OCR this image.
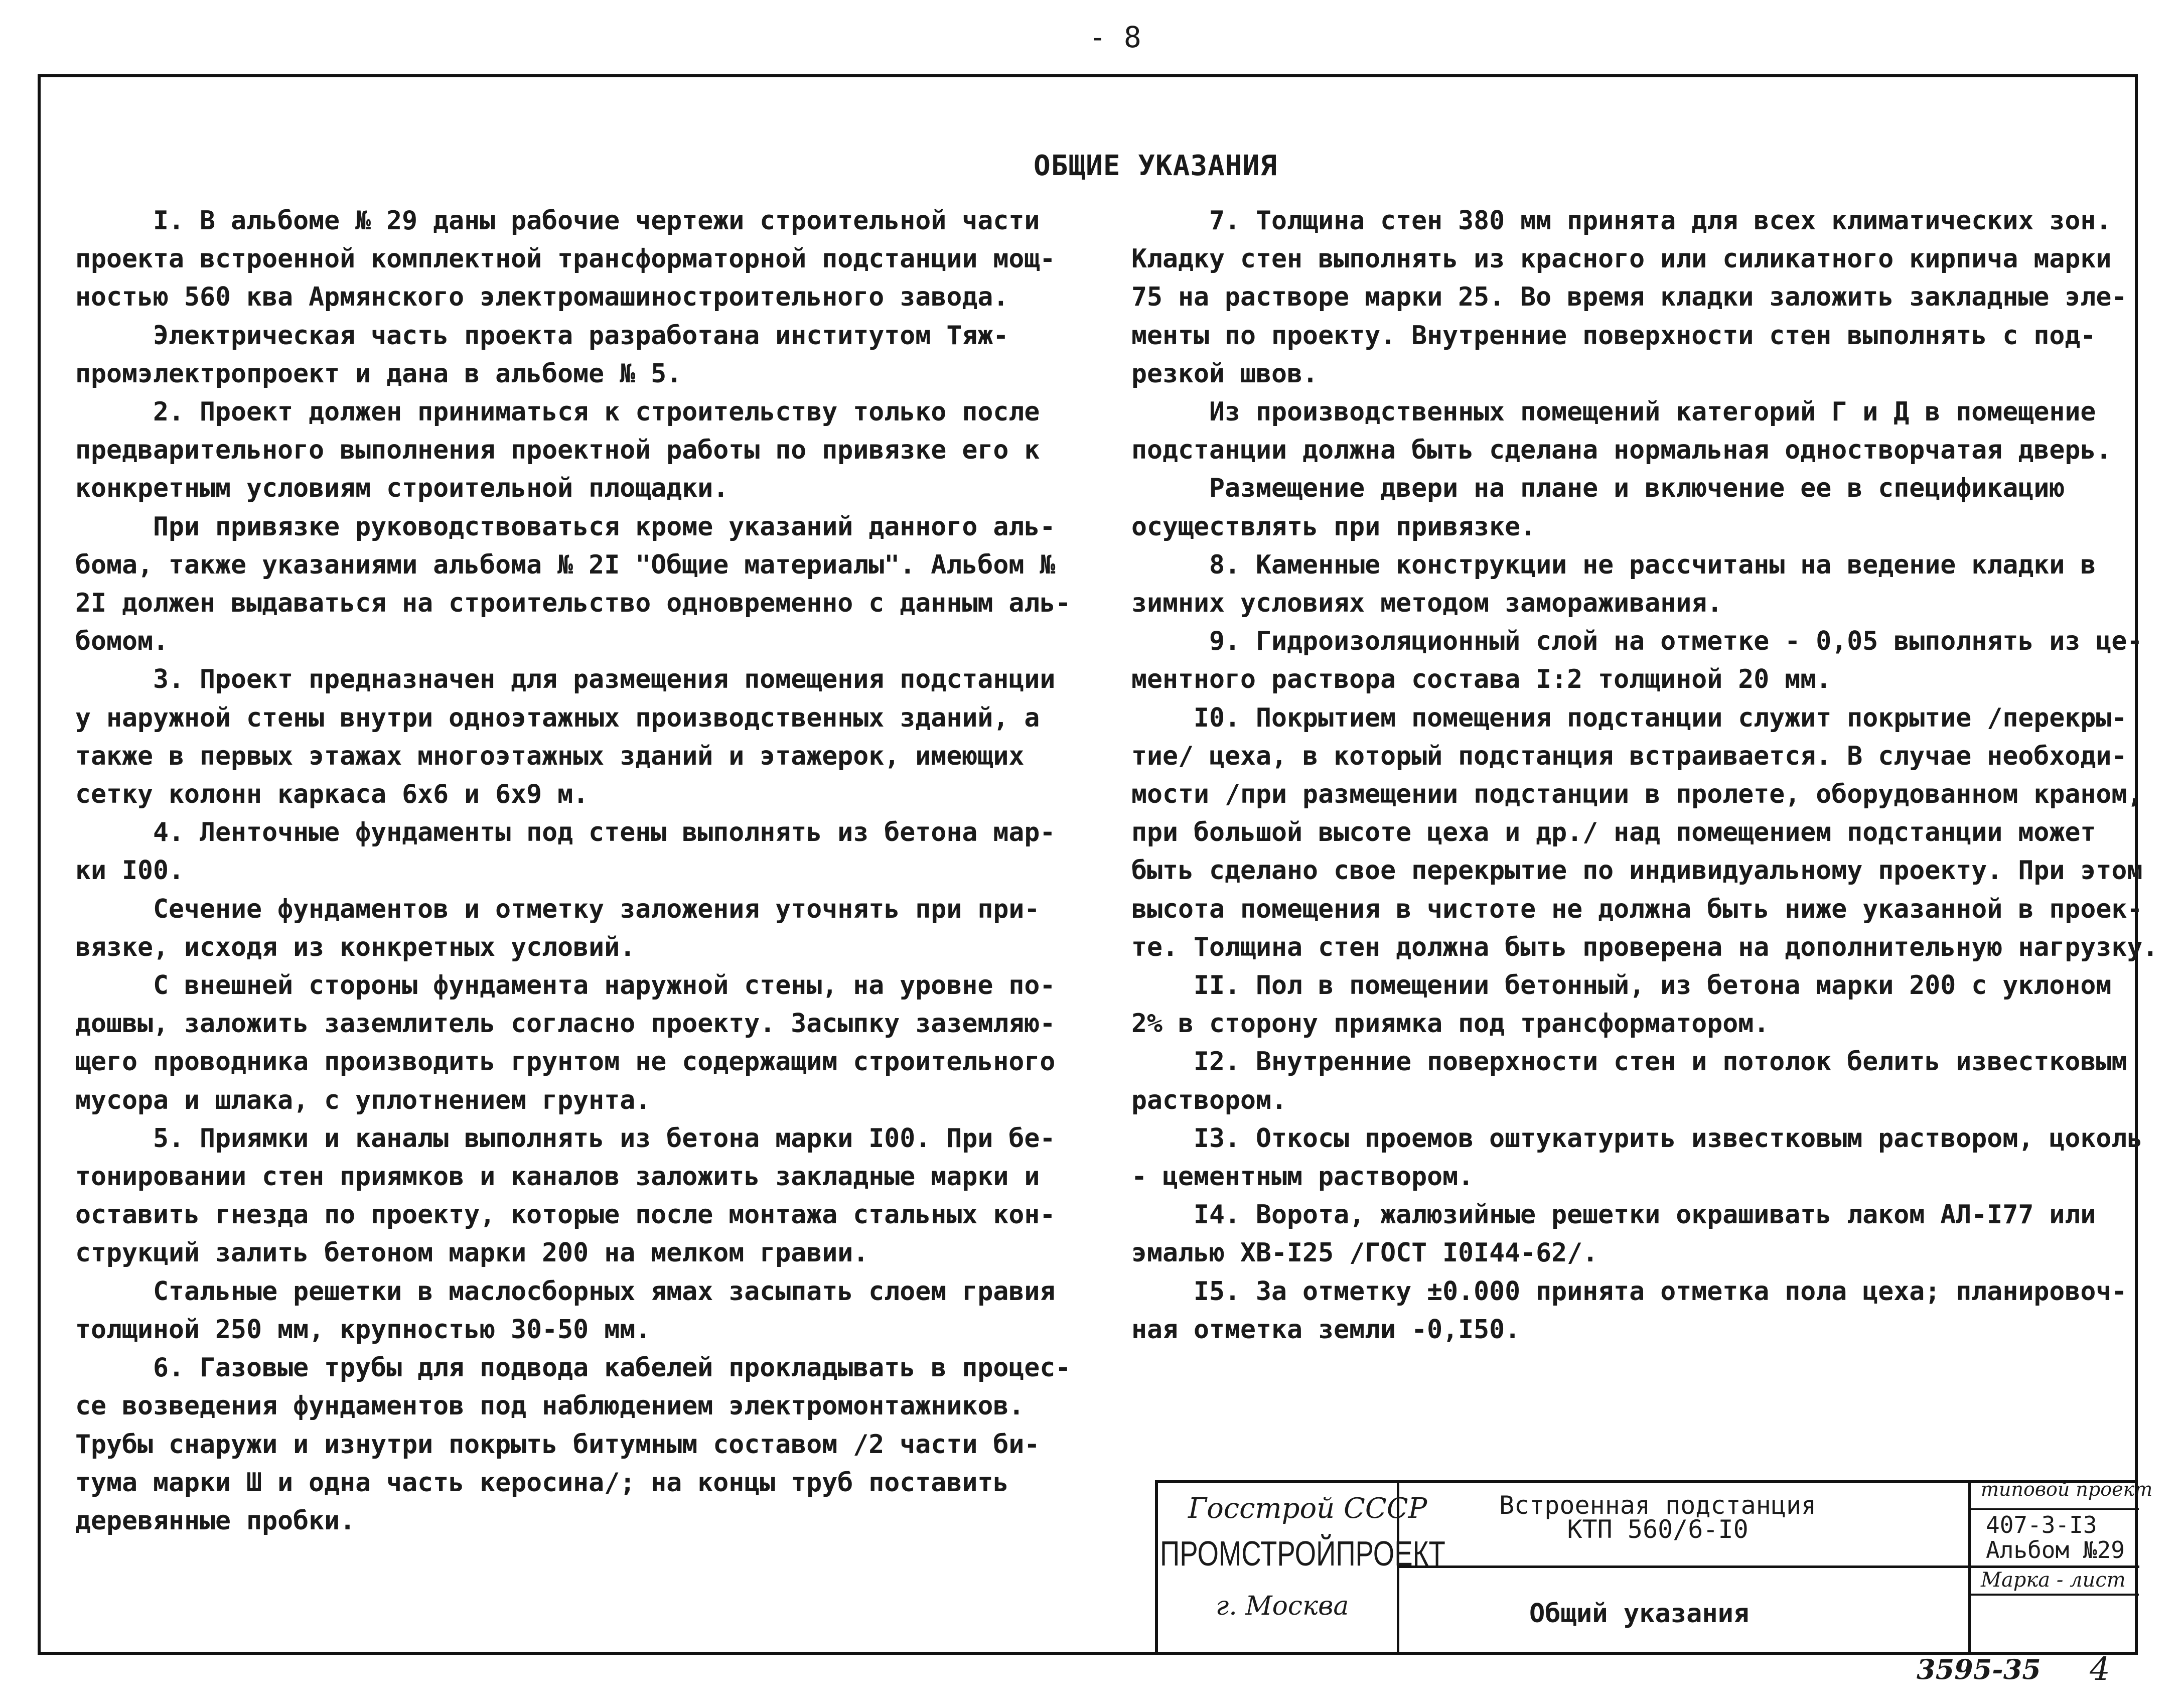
- 8
ОБЩИЕ УКАЗАНИЯ

I. В альбоме № 29 даны рабочие чертежи строительной части

проекта встроенной комплектной трансформаторной подстанции мощ-

ностью 560 ква Армянского электромашиностроительного завода.

Электрическая часть проекта разработана институтом Тяж-

промэлектропроект и дана в альбоме № 5.

2. Проект должен приниматься к строительству только после

предварительного выполнения проектной работы по привязке его к

конкретным условиям строительной площадки.

При привязке руководствоваться кроме указаний данного аль-

бома, также указаниями альбома № 2I "Общие материалы". Альбом №

2I должен выдаваться на строительство одновременно с данным аль-

бомом.

3. Проект предназначен для размещения помещения подстанции

у наружной стены внутри одноэтажных производственных зданий, а

также в первых этажах многоэтажных зданий и этажерок, имеющих

сетку колонн каркаса 6х6 и 6х9 м.

4. Ленточные фундаменты под стены выполнять из бетона мар-

ки I00.

Сечение фундаментов и отметку заложения уточнять при при-

вязке, исходя из конкретных условий.

С внешней стороны фундамента наружной стены, на уровне по-

дошвы, заложить заземлитель согласно проекту. Засыпку заземляю-

щего проводника производить грунтом не содержащим строительного

мусора и шлака, с уплотнением грунта.

5. Приямки и каналы выполнять из бетона марки I00. При бе-

тонировании стен приямков и каналов заложить закладные марки и

оставить гнезда по проекту, которые после монтажа стальных кон-

струкций залить бетоном марки 200 на мелком гравии.

Стальные решетки в маслосборных ямах засыпать слоем гравия

толщиной 250 мм, крупностью 30-50 мм.

6. Газовые трубы для подвода кабелей прокладывать в процес-

се возведения фундаментов под наблюдением электромонтажников.

Трубы снаружи и изнутри покрыть битумным составом /2 части би-

тума марки Ш и одна часть керосина/; на концы труб поставить

деревянные пробки.

7. Толщина стен 380 мм принята для всех климатических зон.

Кладку стен выполнять из красного или силикатного кирпича марки

75 на растворе марки 25. Во время кладки заложить закладные эле-

менты по проекту. Внутренние поверхности стен выполнять с под-

резкой швов.

Из производственных помещений категорий Г и Д в помещение

подстанции должна быть сделана нормальная одностворчатая дверь.

Размещение двери на плане и включение ее в спецификацию

осуществлять при привязке.

8. Каменные конструкции не рассчитаны на ведение кладки в

зимних условиях методом замораживания.

9. Гидроизоляционный слой на отметке - 0,05 выполнять из це-

ментного раствора состава I:2 толщиной 20 мм.

I0. Покрытием помещения подстанции служит покрытие /перекры-

тие/ цеха, в который подстанция встраивается. В случае необходи-

мости /при размещении подстанции в пролете, оборудованном краном,

при большой высоте цеха и др./ над помещением подстанции может

быть сделано свое перекрытие по индивидуальному проекту. При этом

высота помещения в чистоте не должна быть ниже указанной в проек-

те. Толщина стен должна быть проверена на дополнительную нагрузку.

II. Пол в помещении бетонный, из бетона марки 200 с уклоном

2% в сторону приямка под трансформатором.

I2. Внутренние поверхности стен и потолок белить известковым

раствором.

I3. Откосы проемов оштукатурить известковым раствором, цоколь

- цементным раствором.

I4. Ворота, жалюзийные решетки окрашивать лаком АЛ-I77 или

эмалью ХВ-I25 /ГОСТ I0I44-62/.

I5. За отметку ±0.000 принята отметка пола цеха; планировоч-

ная отметка земли -0,I50.

Госстрой СССР
ПРОМСТРОЙПРОЕКТ
г. Москва
Встроенная подстанция
КТП 560/6-I0
Общий указания
типовой проект
407-3-I3
Альбом №29
Марка - лист
3595-35 4
